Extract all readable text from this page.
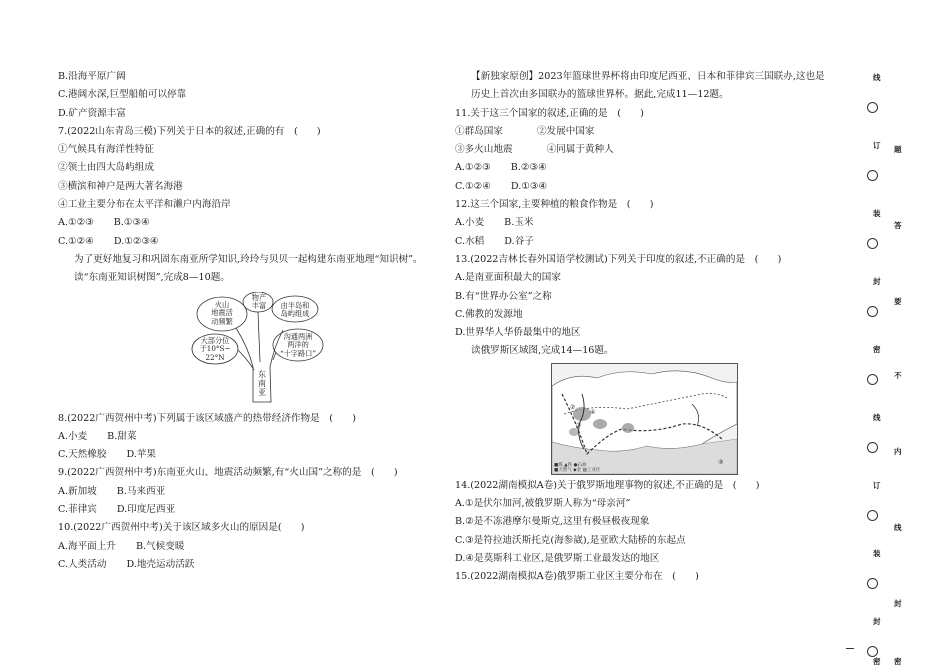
B.沿海平原广阔
C.港阔水深,巨型船舶可以停靠
D.矿产资源丰富
7.(2022山东青岛三模)下列关于日本的叙述,正确的有　(　　)
①气候具有海洋性特征
②领土由四大岛屿组成
③横滨和神户是两大著名海港
④工业主要分布在太平洋和濑户内海沿岸
A.①②③ B.①③④
C.①②④ D.①②③④
为了更好地复习和巩固东南亚所学知识,玲玲与贝贝一起构建东南亚地理“知识树”。读“东南亚知识树图”,完成8—10题。
物产
丰富
火山
地震活
动频繁
由半岛和
岛屿组成
大部分位
于10°S~
22°N
沟通两洲
两洋的
“十字路口”
东
南
亚
8.(2022广西贺州中考)下列属于该区域盛产的热带经济作物是　(　　)
A.小麦 B.甜菜
C.天然橡胶 D.苹果
9.(2022广西贺州中考)东南亚火山、地震活动频繁,有“火山国”之称的是　(　　)
A.新加坡 B.马来西亚
C.菲律宾 D.印度尼西亚
10.(2022广西贺州中考)关于该区域多火山的原因是(　　)
A.海平面上升 B.气候变暖
C.人类活动 D.地壳运动活跃
【新独家原创】2023年篮球世界杯将由印度尼西亚、日本和菲律宾三国联办,这也是历史上首次由多国联办的篮球世界杯。据此,完成11—12题。
11.关于这三个国家的叙述,正确的是　(　　)
①群岛国家	②发展中国家
③多火山地震	④同属于黄种人
A.①②③ B.②③④
C.①②④ D.①③④
12.这三个国家,主要种植的粮食作物是　(　　)
A.小麦 B.玉米
C.水稻 D.谷子
13.(2022吉林长春外国语学校测试)下列关于印度的叙述,不正确的是　(　　)
A.是南亚面积最大的国家
B.有“世界办公室”之称
C.佛教的发源地
D.世界华人华侨最集中的地区
读俄罗斯区域图,完成14—16题。
②
④
①
③
■煤 ▲铁 ●石油
■天然气 ◆金 ▨工业区
14.(2022湖南模拟A卷)关于俄罗斯地理事物的叙述,不正确的是　(　　)
A.①是伏尔加河,被俄罗斯人称为“母亲河”
B.②是不冻港摩尔曼斯克,这里有极昼极夜现象
C.③是符拉迪沃斯托克(海参崴),是亚欧大陆桥的东起点
D.④是莫斯科工业区,是俄罗斯工业最发达的地区
15.(2022湖南模拟A卷)俄罗斯工业区主要分布在　(　　)
线
订
装
封
密
线
订
装
封
密
题
答
要
不
内
线
封
密
